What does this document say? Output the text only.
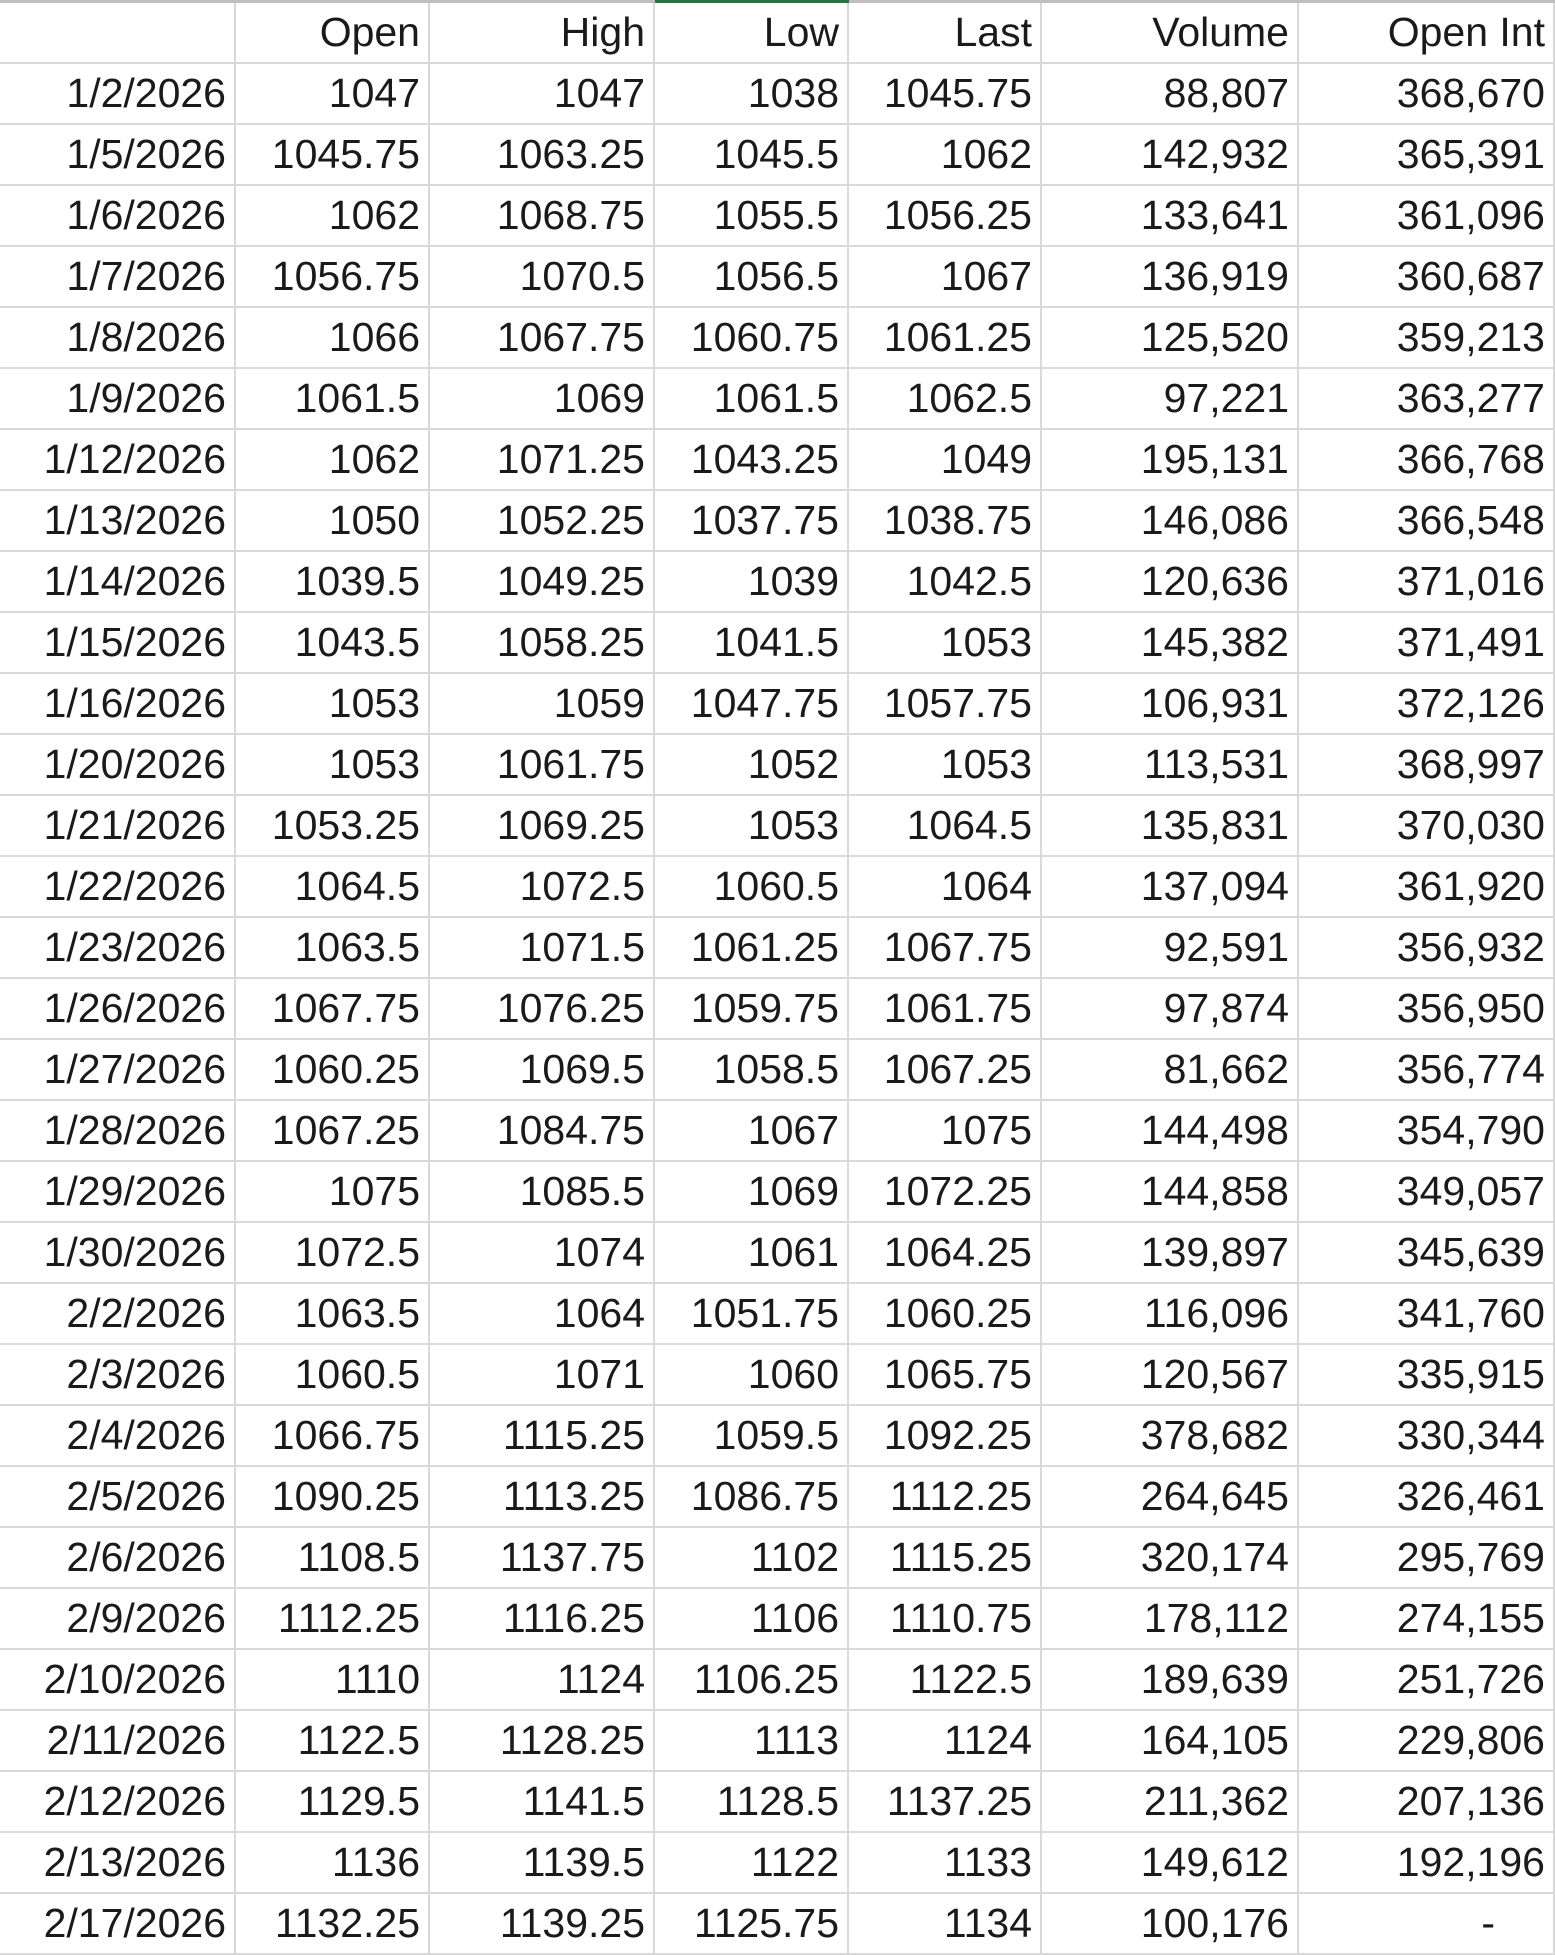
	Open	High	Low	Last	Volume	Open Int
1/2/2026	1047	1047	1038	1045.75	88,807	368,670
1/5/2026	1045.75	1063.25	1045.5	1062	142,932	365,391
1/6/2026	1062	1068.75	1055.5	1056.25	133,641	361,096
1/7/2026	1056.75	1070.5	1056.5	1067	136,919	360,687
1/8/2026	1066	1067.75	1060.75	1061.25	125,520	359,213
1/9/2026	1061.5	1069	1061.5	1062.5	97,221	363,277
1/12/2026	1062	1071.25	1043.25	1049	195,131	366,768
1/13/2026	1050	1052.25	1037.75	1038.75	146,086	366,548
1/14/2026	1039.5	1049.25	1039	1042.5	120,636	371,016
1/15/2026	1043.5	1058.25	1041.5	1053	145,382	371,491
1/16/2026	1053	1059	1047.75	1057.75	106,931	372,126
1/20/2026	1053	1061.75	1052	1053	113,531	368,997
1/21/2026	1053.25	1069.25	1053	1064.5	135,831	370,030
1/22/2026	1064.5	1072.5	1060.5	1064	137,094	361,920
1/23/2026	1063.5	1071.5	1061.25	1067.75	92,591	356,932
1/26/2026	1067.75	1076.25	1059.75	1061.75	97,874	356,950
1/27/2026	1060.25	1069.5	1058.5	1067.25	81,662	356,774
1/28/2026	1067.25	1084.75	1067	1075	144,498	354,790
1/29/2026	1075	1085.5	1069	1072.25	144,858	349,057
1/30/2026	1072.5	1074	1061	1064.25	139,897	345,639
2/2/2026	1063.5	1064	1051.75	1060.25	116,096	341,760
2/3/2026	1060.5	1071	1060	1065.75	120,567	335,915
2/4/2026	1066.75	1115.25	1059.5	1092.25	378,682	330,344
2/5/2026	1090.25	1113.25	1086.75	1112.25	264,645	326,461
2/6/2026	1108.5	1137.75	1102	1115.25	320,174	295,769
2/9/2026	1112.25	1116.25	1106	1110.75	178,112	274,155
2/10/2026	1110	1124	1106.25	1122.5	189,639	251,726
2/11/2026	1122.5	1128.25	1113	1124	164,105	229,806
2/12/2026	1129.5	1141.5	1128.5	1137.25	211,362	207,136
2/13/2026	1136	1139.5	1122	1133	149,612	192,196
2/17/2026	1132.25	1139.25	1125.75	1134	100,176	-
